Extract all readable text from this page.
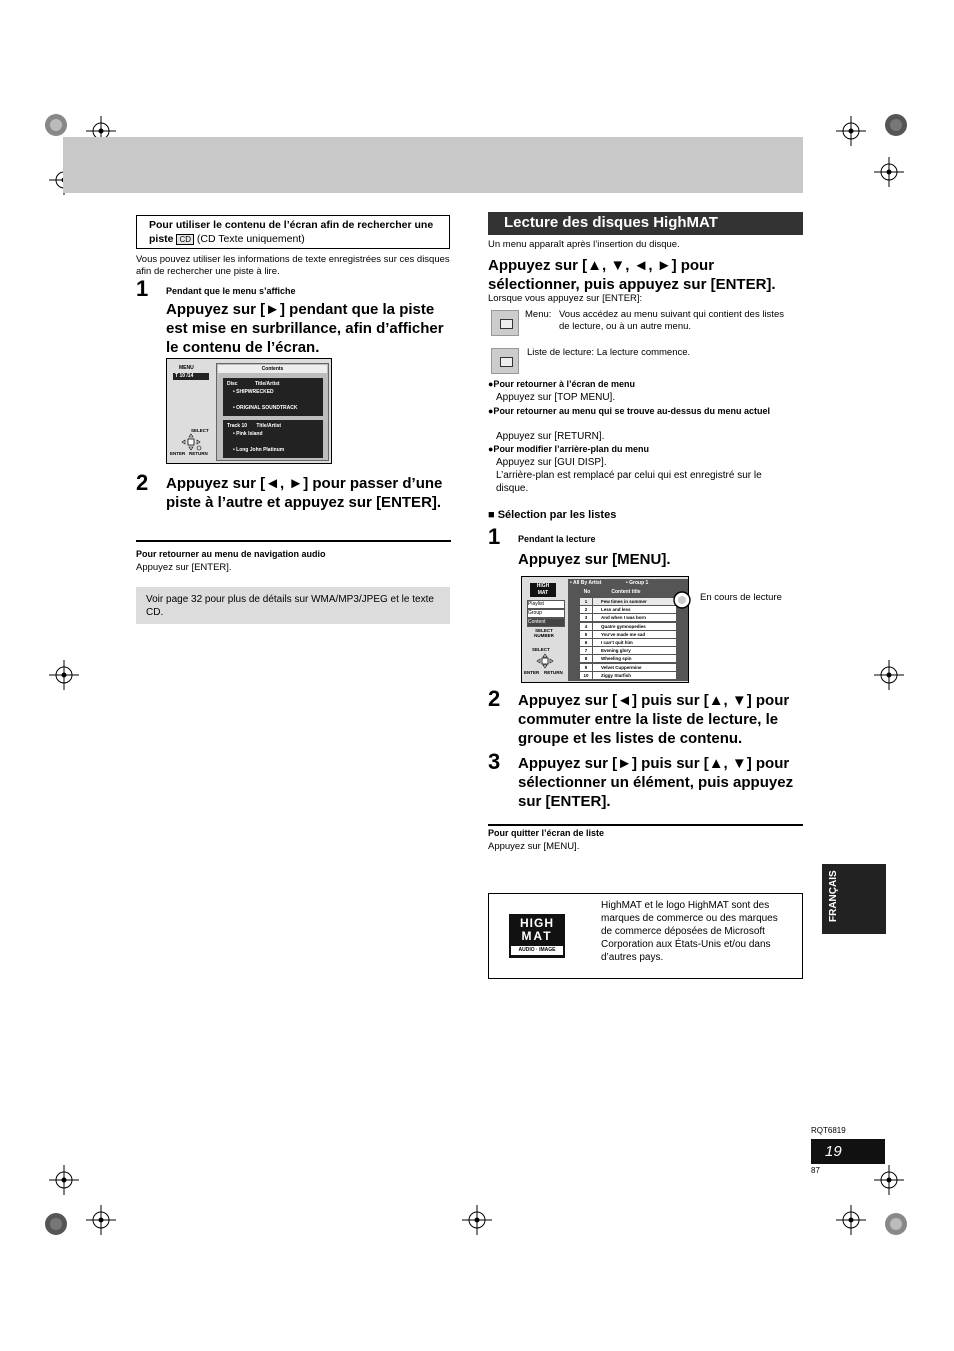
Pour utiliser le contenu de l’écran afin de rechercher une piste CD (CD Texte uniquement)
Vous pouvez utiliser les informations de texte enregistrées sur ces disques afin de rechercher une piste à lire.
1 Pendant que le menu s’affiche
Appuyez sur [►] pendant que la piste est mise en surbrillance, afin d’afficher le contenu de l’écran.
MENU
T 10 /14
Contents
Disc	Title/Artist
• SHIPWRECKED

• ORIGINAL SOUNDTRACK
Track 10 Title/Artist
• Pink Island

• Long John Platinum
SELECT
ENTER RETURN
2 Appuyez sur [◄, ►] pour passer d’une piste à l’autre et appuyez sur [ENTER].
Pour retourner au menu de navigation audio
Appuyez sur [ENTER].
Voir page 32 pour plus de détails sur WMA/MP3/JPEG et le texte CD.
Lecture des disques HighMAT
Un menu apparaît après l’insertion du disque.
Appuyez sur [▲, ▼, ◄, ►] pour sélectionner, puis appuyez sur [ENTER].
Lorsque vous appuyez sur [ENTER]:
Menu: Vous accédez au menu suivant qui contient des listes de lecture, ou à un autre menu.
Liste de lecture: La lecture commence.
●Pour retourner à l’écran de menu
Appuyez sur [TOP MENU].
●Pour retourner au menu qui se trouve au-dessus du menu actuel
Appuyez sur [RETURN].
●Pour modifier l’arrière-plan du menu
Appuyez sur [GUI DISP].
L’arrière-plan est remplacé par celui qui est enregistré sur le disque.
■ Sélection par les listes
1 Pendant la lecture
Appuyez sur [MENU].
HIGH
MAT
Playlist
Group
Content
SELECT NUMBER
SELECT
ENTER RETURN
• All By Artist	• Group 1
No	Content title
1	Few times in summer
2	Less and less
3	And when I was born
4	Quatre gymnopedies
5	You’ve made me sad
6	I can’t quit him
7	Evening glory
8	Wheeling spin
9	Velvet Cuppermine
10	Ziggy Starfish
En cours de lecture
2 Appuyez sur [◄] puis sur [▲, ▼] pour commuter entre la liste de lecture, le groupe et les listes de contenu.
3 Appuyez sur [►] puis sur [▲, ▼] pour sélectionner un élément, puis appuyez sur [ENTER].
Pour quitter l’écran de liste
Appuyez sur [MENU].
HIGH
MAT
AUDIO · IMAGE
HighMAT et le logo HighMAT sont des marques de commerce ou des marques de commerce déposées de Microsoft Corporation aux États-Unis et/ou dans d’autres pays.
FRANÇAIS
RQT6819
19
87
